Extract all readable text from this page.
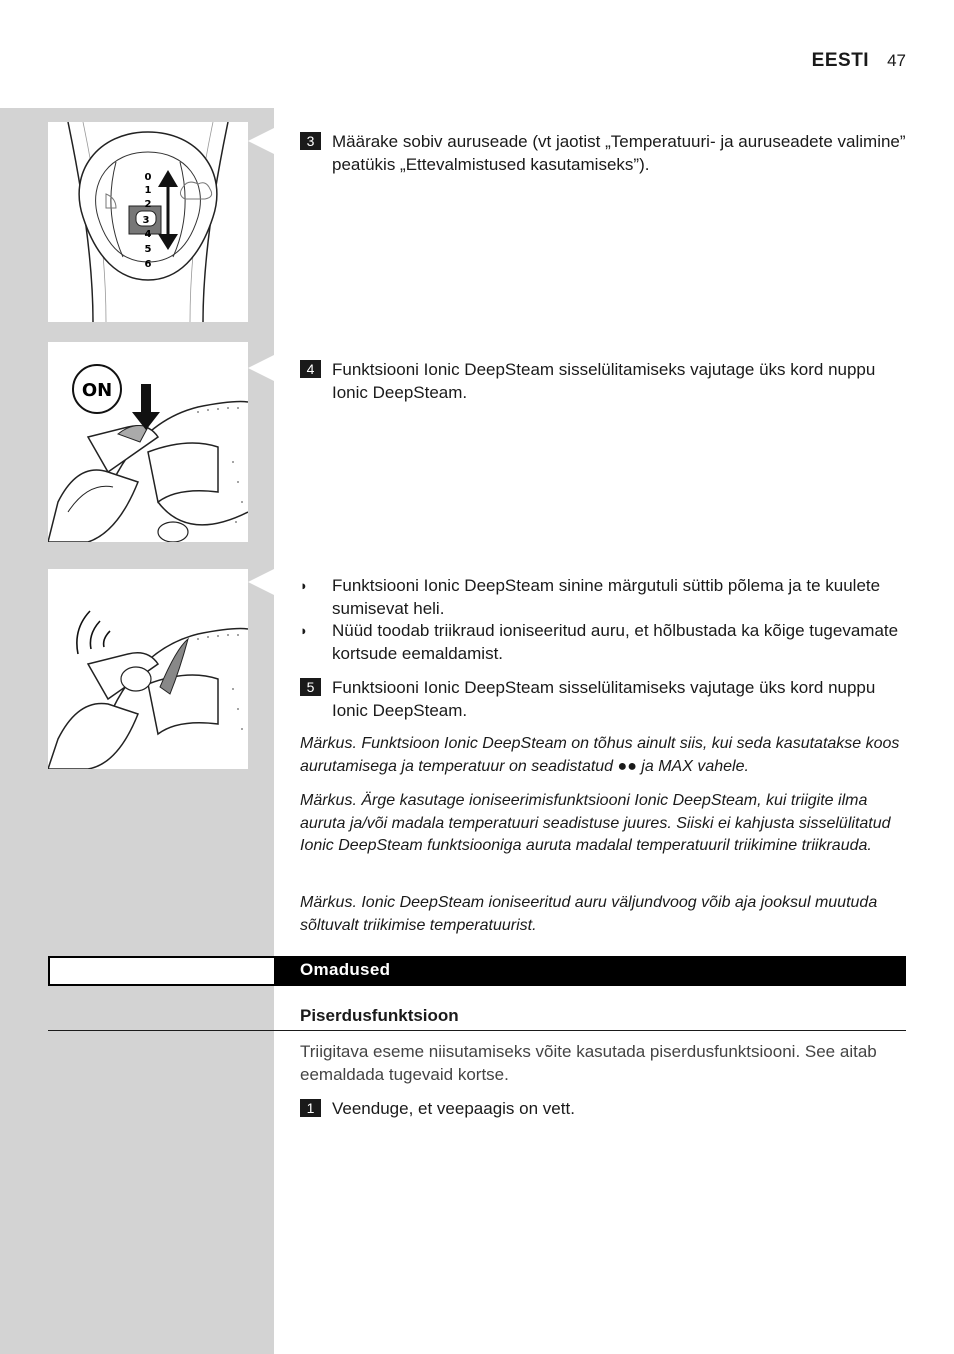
EESTI 47
0
1
2
3
4
5
6
3	Määrake sobiv auruseade (vt jaotist „Temperatuuri- ja auruseadete valimine” peatükis „Ettevalmistused kasutamiseks”).
ON
4	Funktsiooni Ionic DeepSteam sisselülitamiseks vajutage üks kord nuppu Ionic DeepSteam.
◗	Funktsiooni Ionic DeepSteam sinine märgutuli süttib põlema ja te kuulete sumisevat heli.
◗	Nüüd toodab triikraud ioniseeritud auru, et hõlbustada ka kõige tugevamate kortsude eemaldamist.
5	Funktsiooni Ionic DeepSteam sisselülitamiseks vajutage üks kord nuppu Ionic DeepSteam.
Märkus. Funktsioon Ionic DeepSteam on tõhus ainult siis, kui seda kasutatakse koos aurutamisega ja temperatuur on seadistatud ●● ja MAX vahele.
Märkus. Ärge kasutage ioniseerimisfunktsiooni Ionic DeepSteam, kui triigite ilma auruta ja/või madala temperatuuri seadistuse juures. Siiski ei kahjusta sisselülitatud Ionic DeepSteam funktsiooniga auruta madalal temperatuuril triikimine triikrauda.
Märkus. Ionic DeepSteam ioniseeritud auru väljundvoog võib aja jooksul muutuda sõltuvalt triikimise temperatuurist.
Omadused
Piserdusfunktsioon
Triigitava eseme niisutamiseks võite kasutada piserdusfunktsiooni. See aitab eemaldada tugevaid kortse.
1	Veenduge, et veepaagis on vett.
